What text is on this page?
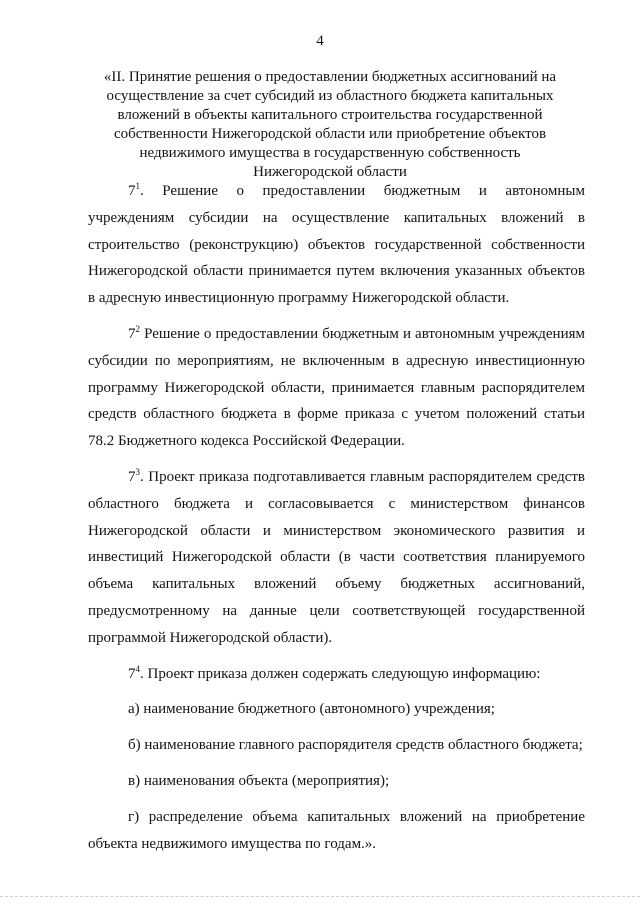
4
«II. Принятие решения о предоставлении бюджетных ассигнований на осуществление за счет субсидий из областного бюджета капитальных вложений в объекты капитального строительства государственной собственности Нижегородской области или приобретение объектов недвижимого имущества в государственную собственность Нижегородской области

$7^1$. Решение о предоставлении бюджетным и автономным учреждениям субсидии на осуществление капитальных вложений в строительство (реконструкцию) объектов государственной собственности Нижегородской области принимается путем включения указанных объектов в адресную инвестиционную программу Нижегородской области.

$7^2$ Решение о предоставлении бюджетным и автономным учреждениям субсидии по мероприятиям, не включенным в адресную инвестиционную программу Нижегородской области, принимается главным распорядителем средств областного бюджета в форме приказа с учетом положений статьи 78.2 Бюджетного кодекса Российской Федерации.

$7^3$. Проект приказа подготавливается главным распорядителем средств областного бюджета и согласовывается с министерством финансов Нижегородской области и министерством экономического развития и инвестиций Нижегородской области (в части соответствия планируемого объема капитальных вложений объему бюджетных ассигнований, предусмотренному на данные цели соответствующей государственной программой Нижегородской области).

$7^4$. Проект приказа должен содержать следующую информацию:

а) наименование бюджетного (автономного) учреждения;

б) наименование главного распорядителя средств областного бюджета;

в) наименования объекта (мероприятия);

г) распределение объема капитальных вложений на приобретение объекта недвижимого имущества по годам.».
